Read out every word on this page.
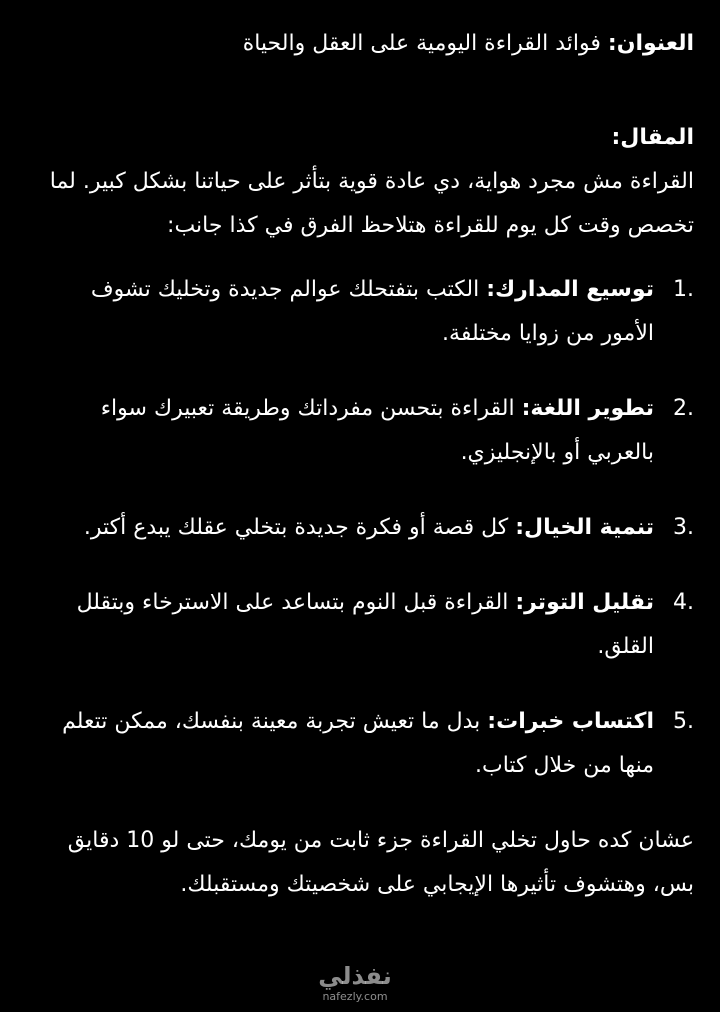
العنوان: فوائد القراءة اليومية على العقل والحياة

المقال:

القراءة مش مجرد هواية، دي عادة قوية بتأثر على حياتنا بشكل كبير. لما تخصص وقت كل يوم للقراءة هتلاحظ الفرق في كذا جانب:

.1
توسيع المدارك: الكتب بتفتحلك عوالم جديدة وتخليك تشوف الأمور من زوايا مختلفة.
.2
تطوير اللغة: القراءة بتحسن مفرداتك وطريقة تعبيرك سواء بالعربي أو بالإنجليزي.
.3
تنمية الخيال: كل قصة أو فكرة جديدة بتخلي عقلك يبدع أكتر.
.4
تقليل التوتر: القراءة قبل النوم بتساعد على الاسترخاء وبتقلل القلق.
.5
اكتساب خبرات: بدل ما تعيش تجربة معينة بنفسك، ممكن تتعلم منها من خلال كتاب.

عشان كده حاول تخلي القراءة جزء ثابت من يومك، حتى لو 10 دقايق بس، وهتشوف تأثيرها الإيجابي على شخصيتك ومستقبلك.

نفذلي
nafezly.com
